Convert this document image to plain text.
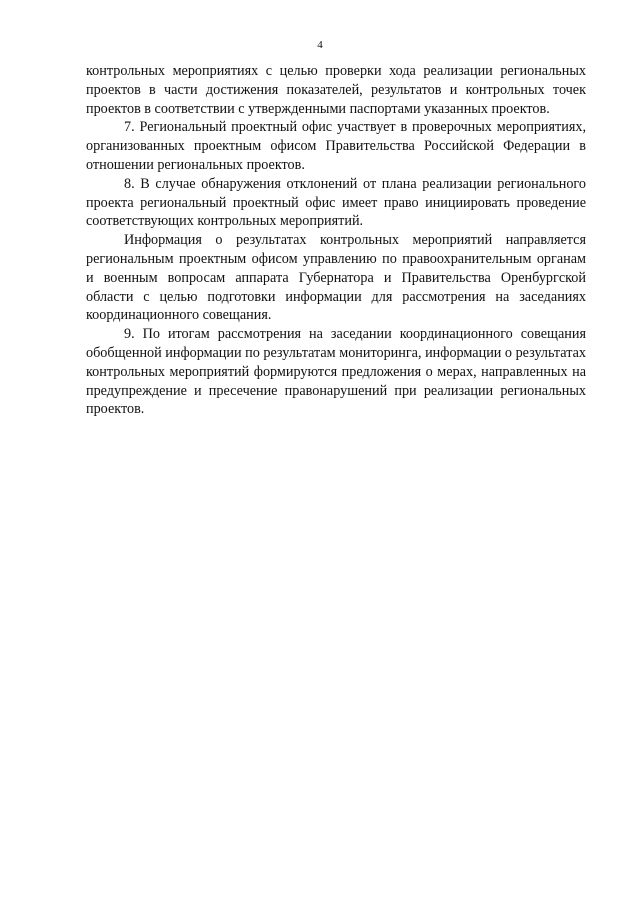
4

контрольных мероприятиях с целью проверки хода реализации региональных проектов в части достижения показателей, результатов и контрольных точек проектов в соответствии с утвержденными паспортами указанных проектов.

7. Региональный проектный офис участвует в проверочных мероприятиях, организованных проектным офисом Правительства Российской Федерации в отношении региональных проектов.

8. В случае обнаружения отклонений от плана реализации регионального проекта региональный проектный офис имеет право инициировать проведение соответствующих контрольных мероприятий.

Информация о результатах контрольных мероприятий направляется региональным проектным офисом управлению по правоохранительным органам и военным вопросам аппарата Губернатора и Правительства Оренбургской области с целью подготовки информации для рассмотрения на заседаниях координационного совещания.

9. По итогам рассмотрения на заседании координационного совещания обобщенной информации по результатам мониторинга, информации о результатах контрольных мероприятий формируются предложения о мерах, направленных на предупреждение и пресечение правонарушений при реализации региональных проектов.
